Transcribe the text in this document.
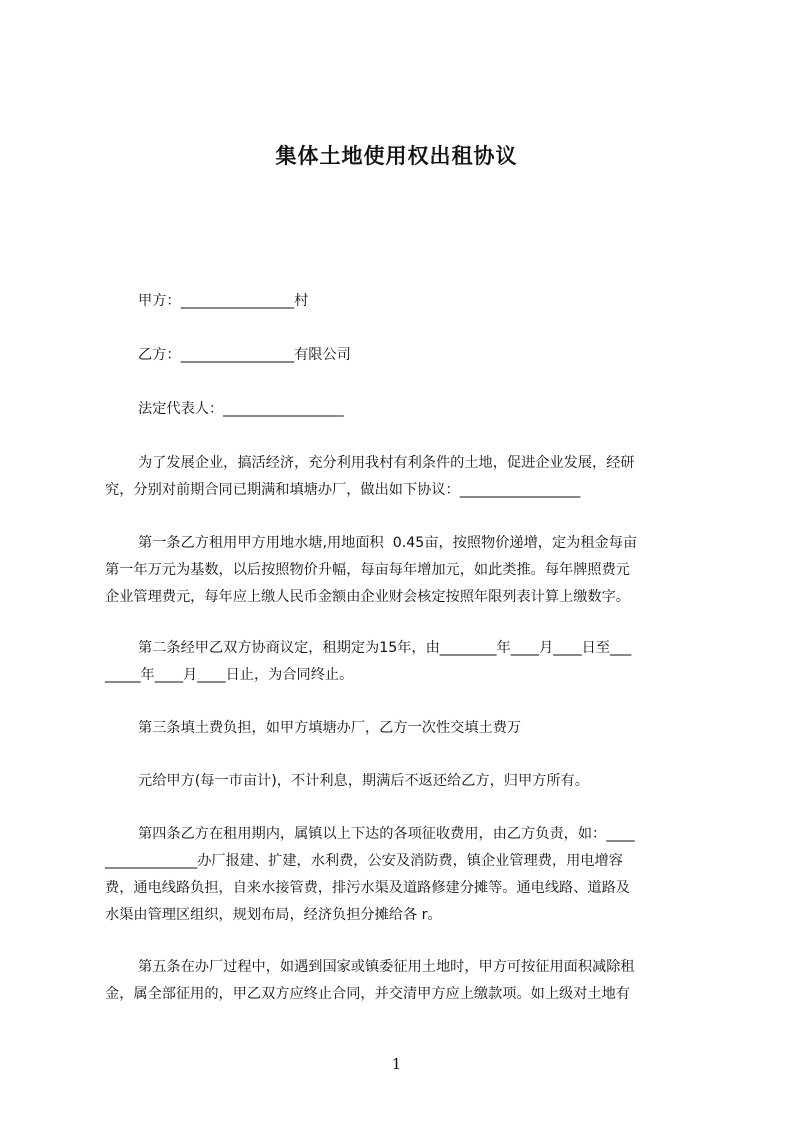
集体土地使用权出租协议
甲方：________________村
乙方：________________有限公司
法定代表人：_________________
为了发展企业，搞活经济，充分利用我村有利条件的土地，促进企业发展，经研
究，分别对前期合同已期满和填塘办厂，做出如下协议：_________________
第一条乙方租用甲方用地水塘,用地面积  0.45亩，按照物价递增，定为租金每亩
第一年万元为基数，以后按照物价升幅，每亩每年增加元，如此类推。每年牌照费元
企业管理费元，每年应上缴人民币金额由企业财会核定按照年限列表计算上缴数字。
第二条经甲乙双方协商议定，租期定为15年，由________年____月____日至___
_____年____月____日止，为合同终止。
第三条填土费负担，如甲方填塘办厂，乙方一次性交填土费万
元给甲方(每一市亩计)，不计利息，期满后不返还给乙方，归甲方所有。
第四条乙方在租用期内，属镇以上下达的各项征收费用，由乙方负责，如：____
_____________办厂报建、扩建，水利费，公安及消防费，镇企业管理费，用电增容
费，通电线路负担，自来水接管费，排污水渠及道路修建分摊等。通电线路、道路及
水渠由管理区组织，规划布局，经济负担分摊给各 r。
第五条在办厂过程中，如遇到国家或镇委征用土地时，甲方可按征用面积减除租
金，属全部征用的，甲乙双方应终止合同，并交清甲方应上缴款项。如上级对土地有
1
